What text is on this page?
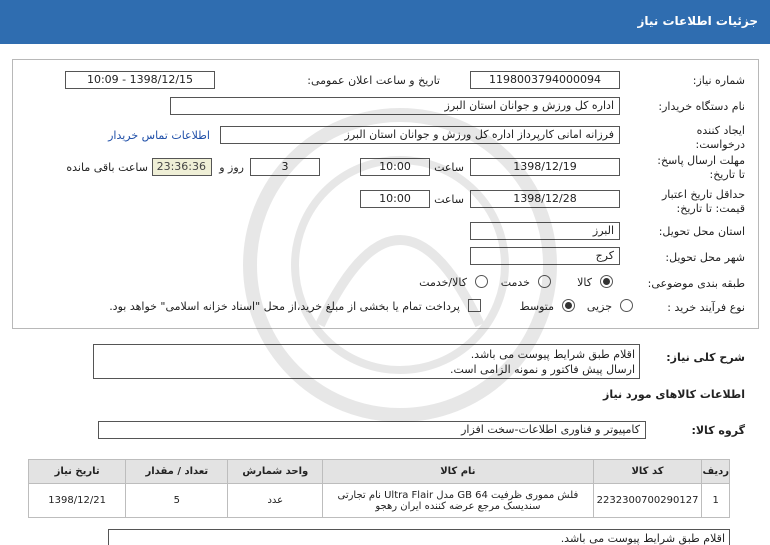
جزئیات اطلاعات نیاز
شماره نیاز:
1198003794000094
تاریخ و ساعت اعلان عمومی:
1398/12/15 - 10:09
نام دستگاه خریدار:
اداره کل ورزش و جوانان استان البرز
ایجاد کننده
درخواست:
فرزانه امانی کارپرداز اداره کل ورزش و جوانان استان البرز
اطلاعات تماس خریدار
مهلت ارسال پاسخ:
تا تاریخ:
1398/12/19
ساعت
10:00
3
روز و
23:36:36
ساعت باقی مانده
حداقل تاریخ اعتبار
قیمت: تا تاریخ:
1398/12/28
ساعت
10:00
استان محل تحویل:
البرز
شهر محل تحویل:
کرج
طبقه بندی موضوعی:
کالا
خدمت
کالا/خدمت
نوع فرآیند خرید :
جزیی
متوسط
پرداخت تمام یا بخشی از مبلغ خرید،از محل "اسناد خزانه اسلامی" خواهد بود.
شرح کلی نیاز:
اقلام طبق شرایط پیوست می باشد.
ارسال پیش فاکتور و نمونه الزامی است.
اطلاعات کالاهای مورد نیاز
گروه کالا:
کامپیوتر و فناوری اطلاعات-سخت افزار
ردیف	کد کالا	نام کالا	واحد شمارش	تعداد / مقدار	تاریخ نیاز
1	2232300700290127	فلش مموری ظرفیت GB 64 مدل Ultra Flair نام تجارتی
سندیسک مرجع عرضه کننده ایران رهجو	عدد	5	1398/12/21
اقلام طبق شرایط پیوست می باشد.
